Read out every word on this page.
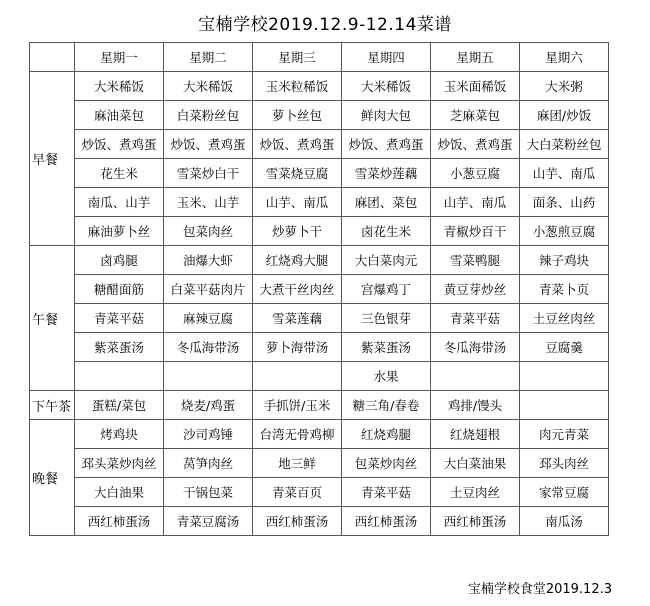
宝楠学校2019.12.9-12.14菜谱
	星期一	星期二	星期三	星期四	星期五	星期六
早餐	大米稀饭	大米稀饭	玉米粒稀饭	大米稀饭	玉米面稀饭	大米粥
	麻油菜包	白菜粉丝包	萝卜丝包	鲜肉大包	芝麻菜包	麻团/炒饭
	炒饭、煮鸡蛋	炒饭、煮鸡蛋	炒饭、煮鸡蛋	炒饭、煮鸡蛋	炒饭、煮鸡蛋	大白菜粉丝包
	花生米	雪菜炒白干	雪菜烧豆腐	雪菜炒莲藕	小葱豆腐	山芋、南瓜
	南瓜、山芋	玉米、山芋	山芋、南瓜	麻团、菜包	山芋、南瓜	面条、山药
	麻油萝卜丝	包菜肉丝	炒萝卜干	卤花生米	青椒炒百干	小葱煎豆腐
午餐	卤鸡腿	油爆大虾	红烧鸡大腿	大白菜肉元	雪菜鸭腿	辣子鸡块
	糖醋面筋	白菜平菇肉片	大煮干丝肉丝	宫爆鸡丁	黄豆芽炒丝	青菜卜页
	青菜平菇	麻辣豆腐	雪菜莲藕	三色银芽	青菜平菇	土豆丝肉丝
	紫菜蛋汤	冬瓜海带汤	萝卜海带汤	紫菜蛋汤	冬瓜海带汤	豆腐羹
				水果		
下午茶	蛋糕/菜包	烧麦/鸡蛋	手抓饼/玉米	糖三角/春卷	鸡排/馒头	
晚餐	烤鸡块	沙司鸡锤	台湾无骨鸡柳	红烧鸡腿	红烧翅根	肉元青菜
	邳头菜炒肉丝	莴笋肉丝	地三鲜	包菜炒肉丝	大白菜油果	邳头肉丝
	大白油果	干锅包菜	青菜百页	青菜平菇	土豆肉丝	家常豆腐
	西红柿蛋汤	青菜豆腐汤	西红柿蛋汤	西红柿蛋汤	西红柿蛋汤	南瓜汤
宝楠学校食堂2019.12.3
